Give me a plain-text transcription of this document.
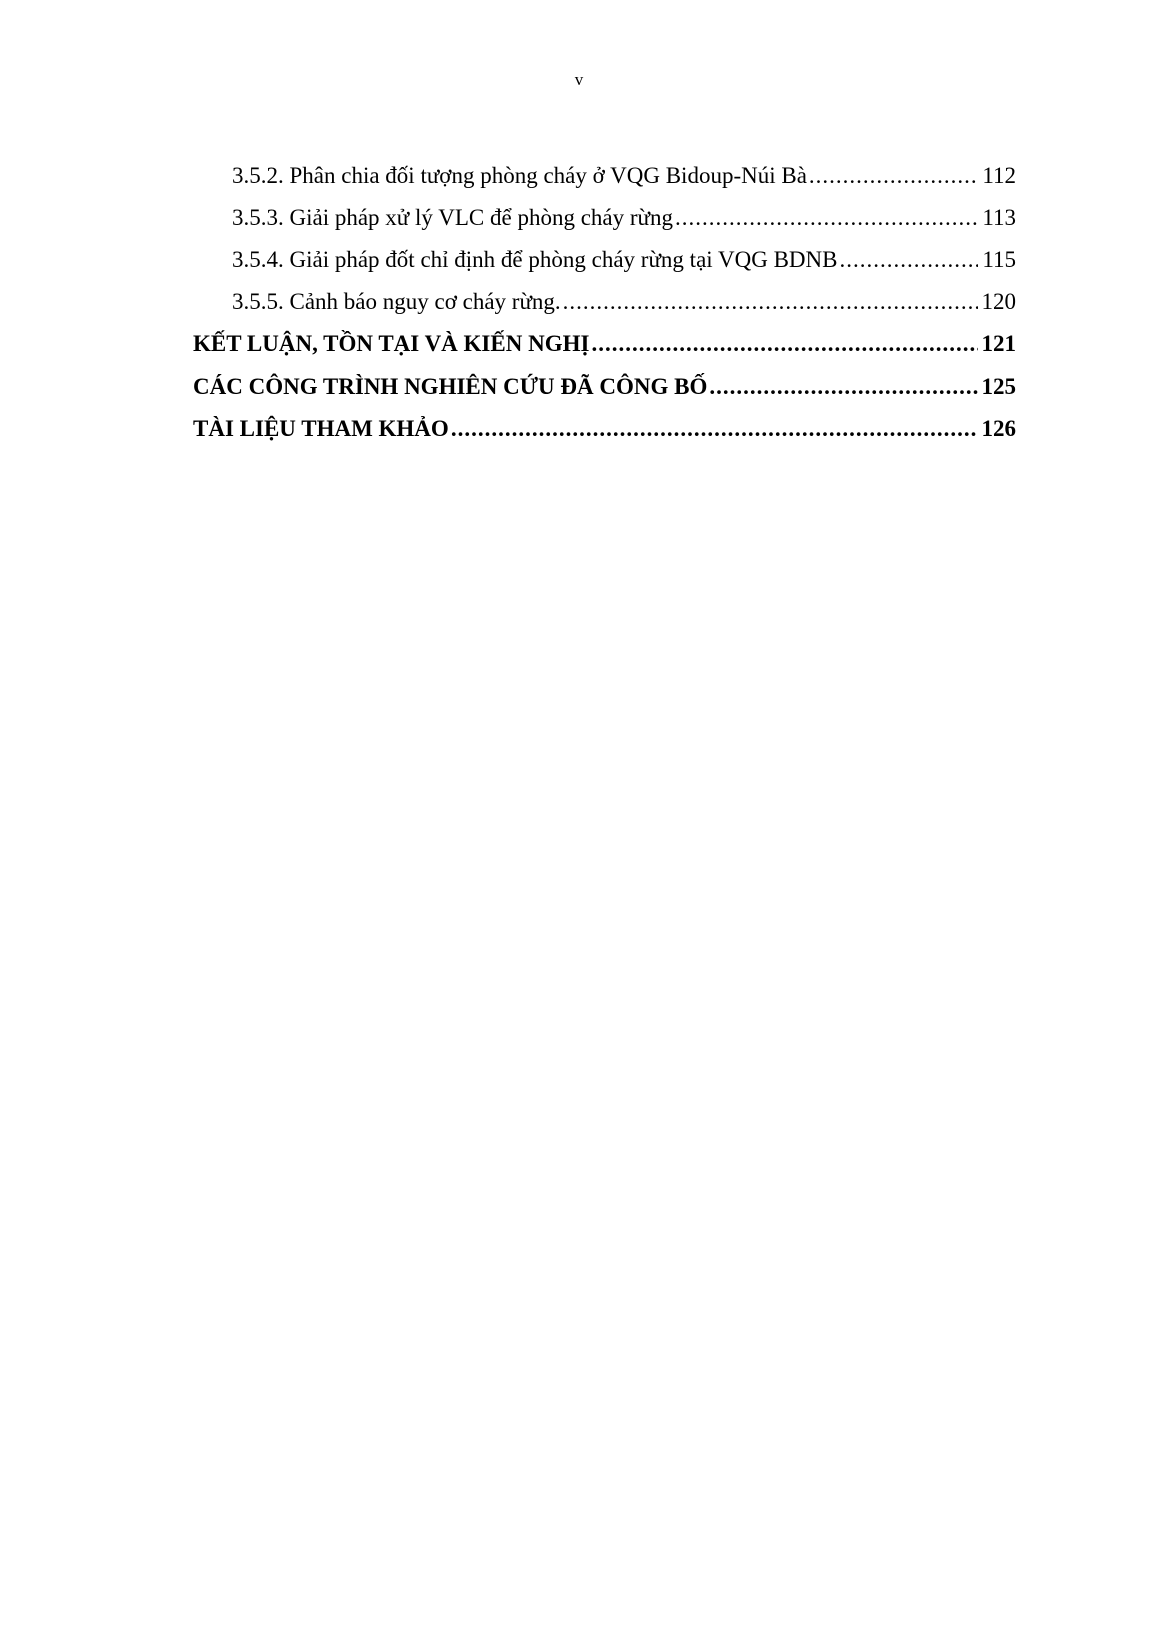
v
3.5.2. Phân chia đối tượng phòng cháy ở VQG Bidoup-Núi Bà .....	112
3.5.3. Giải pháp xử lý VLC để phòng cháy rừng .....	113
3.5.4. Giải pháp đốt chỉ định để phòng cháy rừng tại VQG BDNB .....	115
3.5.5. Cảnh báo nguy cơ cháy rừng. .....	120
KẾT LUẬN, TỒN TẠI VÀ KIẾN NGHỊ .....	121
CÁC CÔNG TRÌNH NGHIÊN CỨU ĐÃ CÔNG BỐ .....	125
TÀI LIỆU THAM KHẢO .....	126
